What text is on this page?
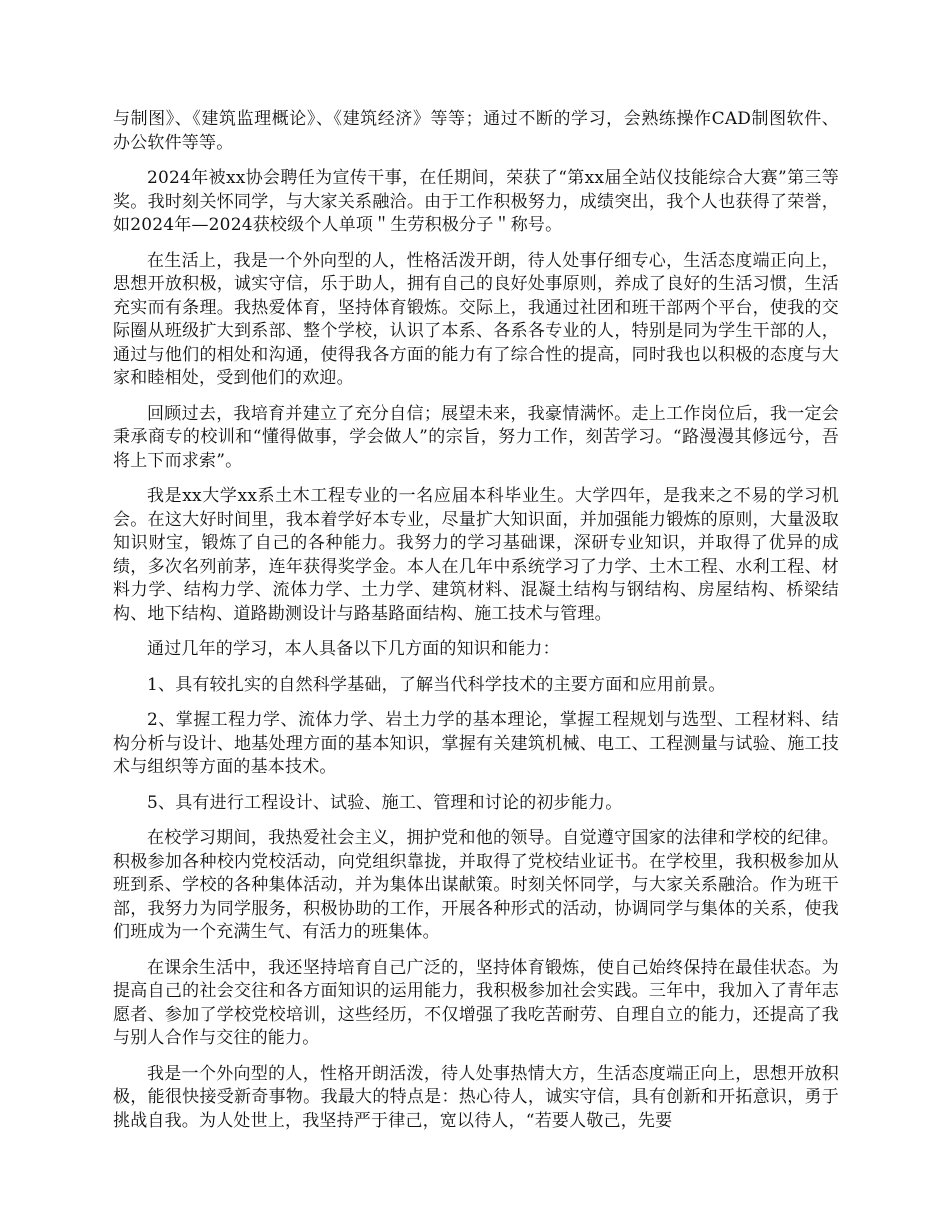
与制图》、《建筑监理概论》、《建筑经济》等等；通过不断的学习，会熟练操作CAD制图软件、办公软件等等。

2024年被xx协会聘任为宣传干事，在任期间，荣获了“第xx届全站仪技能综合大赛”第三等奖。我时刻关怀同学，与大家关系融洽。由于工作积极努力，成绩突出，我个人也获得了荣誉，如2024年—2024获校级个人单项＂生劳积极分子＂称号。

在生活上，我是一个外向型的人，性格活泼开朗，待人处事仔细专心，生活态度端正向上，思想开放积极，诚实守信，乐于助人，拥有自己的良好处事原则，养成了良好的生活习惯，生活充实而有条理。我热爱体育，坚持体育锻炼。交际上，我通过社团和班干部两个平台，使我的交际圈从班级扩大到系部、整个学校，认识了本系、各系各专业的人，特别是同为学生干部的人，通过与他们的相处和沟通，使得我各方面的能力有了综合性的提高，同时我也以积极的态度与大家和睦相处，受到他们的欢迎。

回顾过去，我培育并建立了充分自信；展望未来，我豪情满怀。走上工作岗位后，我一定会秉承商专的校训和“懂得做事，学会做人”的宗旨，努力工作，刻苦学习。“路漫漫其修远兮，吾将上下而求索”。

我是xx大学xx系土木工程专业的一名应届本科毕业生。大学四年，是我来之不易的学习机会。在这大好时间里，我本着学好本专业，尽量扩大知识面，并加强能力锻炼的原则，大量汲取知识财宝，锻炼了自己的各种能力。我努力的学习基础课，深研专业知识，并取得了优异的成绩，多次名列前茅，连年获得奖学金。本人在几年中系统学习了力学、土木工程、水利工程、材料力学、结构力学、流体力学、土力学、建筑材料、混凝土结构与钢结构、房屋结构、桥梁结构、地下结构、道路勘测设计与路基路面结构、施工技术与管理。

通过几年的学习，本人具备以下几方面的知识和能力：

1、具有较扎实的自然科学基础，了解当代科学技术的主要方面和应用前景。

2、掌握工程力学、流体力学、岩土力学的基本理论，掌握工程规划与选型、工程材料、结构分析与设计、地基处理方面的基本知识，掌握有关建筑机械、电工、工程测量与试验、施工技术与组织等方面的基本技术。

5、具有进行工程设计、试验、施工、管理和讨论的初步能力。

在校学习期间，我热爱社会主义，拥护党和他的领导。自觉遵守国家的法律和学校的纪律。积极参加各种校内党校活动，向党组织靠拢，并取得了党校结业证书。在学校里，我积极参加从班到系、学校的各种集体活动，并为集体出谋献策。时刻关怀同学，与大家关系融洽。作为班干部，我努力为同学服务，积极协助的工作，开展各种形式的活动，协调同学与集体的关系，使我们班成为一个充满生气、有活力的班集体。

在课余生活中，我还坚持培育自己广泛的，坚持体育锻炼，使自己始终保持在最佳状态。为提高自己的社会交往和各方面知识的运用能力，我积极参加社会实践。三年中，我加入了青年志愿者、参加了学校党校培训，这些经历，不仅增强了我吃苦耐劳、自理自立的能力，还提高了我与别人合作与交往的能力。

我是一个外向型的人，性格开朗活泼，待人处事热情大方，生活态度端正向上，思想开放积极，能很快接受新奇事物。我最大的特点是：热心待人，诚实守信，具有创新和开拓意识，勇于挑战自我。为人处世上，我坚持严于律己，宽以待人，“若要人敬己，先要
